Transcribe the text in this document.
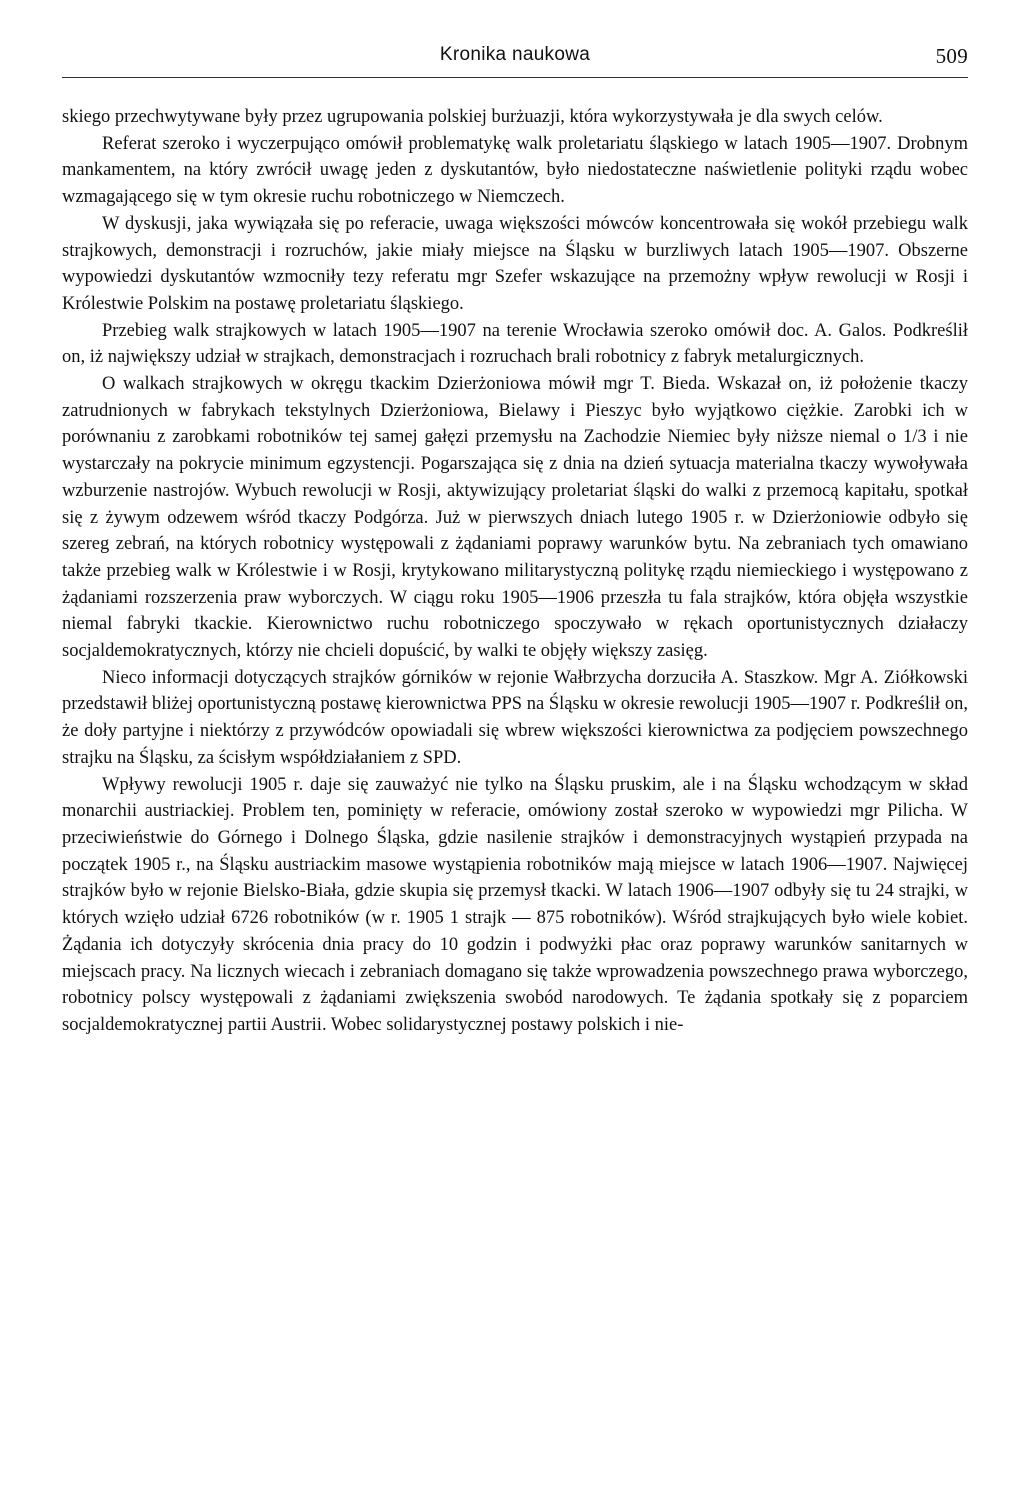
Kronika naukowa	509

skiego przechwytywane były przez ugrupowania polskiej burżuazji, która wykorzystywała je dla swych celów.

Referat szeroko i wyczerpująco omówił problematykę walk proletariatu śląskiego w latach 1905—1907. Drobnym mankamentem, na który zwrócił uwagę jeden z dyskutantów, było niedostateczne naświetlenie polityki rządu wobec wzmagającego się w tym okresie ruchu robotniczego w Niemczech.

W dyskusji, jaka wywiązała się po referacie, uwaga większości mówców koncentrowała się wokół przebiegu walk strajkowych, demonstracji i rozruchów, jakie miały miejsce na Śląsku w burzliwych latach 1905—1907. Obszerne wypowiedzi dyskutantów wzmocniły tezy referatu mgr Szefer wskazujące na przemożny wpływ rewolucji w Rosji i Królestwie Polskim na postawę proletariatu śląskiego.

Przebieg walk strajkowych w latach 1905—1907 na terenie Wrocławia szeroko omówił doc. A. Galos. Podkreślił on, iż największy udział w strajkach, demonstracjach i rozruchach brali robotnicy z fabryk metalurgicznych.

O walkach strajkowych w okręgu tkackim Dzierżoniowa mówił mgr T. Bieda. Wskazał on, iż położenie tkaczy zatrudnionych w fabrykach tekstylnych Dzierżoniowa, Bielawy i Pieszyc było wyjątkowo ciężkie. Zarobki ich w porównaniu z zarobkami robotników tej samej gałęzi przemysłu na Zachodzie Niemiec były niższe niemal o 1/3 i nie wystarczały na pokrycie minimum egzystencji. Pogarszająca się z dnia na dzień sytuacja materialna tkaczy wywoływała wzburzenie nastrojów. Wybuch rewolucji w Rosji, aktywizujący proletariat śląski do walki z przemocą kapitału, spotkał się z żywym odzewem wśród tkaczy Podgórza. Już w pierwszych dniach lutego 1905 r. w Dzierżoniowie odbyło się szereg zebrań, na których robotnicy występowali z żądaniami poprawy warunków bytu. Na zebraniach tych omawiano także przebieg walk w Królestwie i w Rosji, krytykowano militarystyczną politykę rządu niemieckiego i występowano z żądaniami rozszerzenia praw wyborczych. W ciągu roku 1905—1906 przeszła tu fala strajków, która objęła wszystkie niemal fabryki tkackie. Kierownictwo ruchu robotniczego spoczywało w rękach oportunistycznych działaczy socjaldemokratycznych, którzy nie chcieli dopuścić, by walki te objęły większy zasięg.

Nieco informacji dotyczących strajków górników w rejonie Wałbrzycha dorzuciła A. Staszkow. Mgr A. Ziółkowski przedstawił bliżej oportunistyczną postawę kierownictwa PPS na Śląsku w okresie rewolucji 1905—1907 r. Podkreślił on, że doły partyjne i niektórzy z przywódców opowiadali się wbrew większości kierownictwa za podjęciem powszechnego strajku na Śląsku, za ścisłym współdziałaniem z SPD.

Wpływy rewolucji 1905 r. daje się zauważyć nie tylko na Śląsku pruskim, ale i na Śląsku wchodzącym w skład monarchii austriackiej. Problem ten, pominięty w referacie, omówiony został szeroko w wypowiedzi mgr Pilicha. W przeciwieństwie do Górnego i Dolnego Śląska, gdzie nasilenie strajków i demonstracyjnych wystąpień przypada na początek 1905 r., na Śląsku austriackim masowe wystąpienia robotników mają miejsce w latach 1906—1907. Najwięcej strajków było w rejonie Bielsko-Biała, gdzie skupia się przemysł tkacki. W latach 1906—1907 odbyły się tu 24 strajki, w których wzięło udział 6726 robotników (w r. 1905 1 strajk — 875 robotników). Wśród strajkujących było wiele kobiet. Żądania ich dotyczyły skrócenia dnia pracy do 10 godzin i podwyżki płac oraz poprawy warunków sanitarnych w miejscach pracy. Na licznych wiecach i zebraniach domagano się także wprowadzenia powszechnego prawa wyborczego, robotnicy polscy występowali z żądaniami zwiększenia swobód narodowych. Te żądania spotkały się z poparciem socjaldemokratycznej partii Austrii. Wobec solidarystycznej postawy polskich i nie-
